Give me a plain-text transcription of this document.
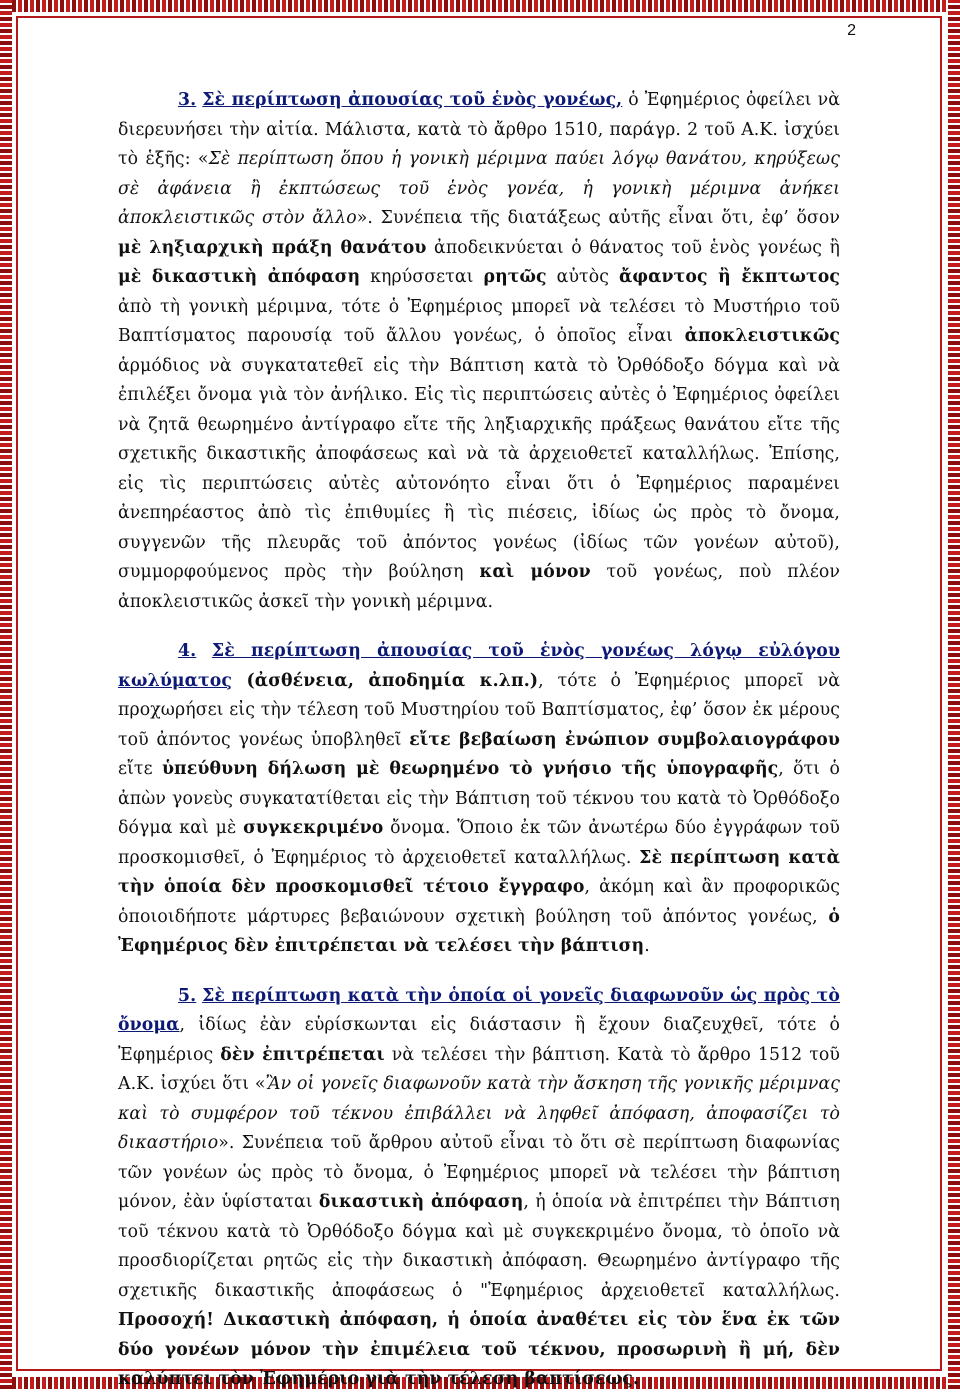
2

3. Σὲ περίπτωση ἀπουσίας τοῦ ἑνὸς γονέως, ὁ Ἐφημέριος ὀφείλει νὰ διερευνήσει τὴν αἰτία. Μάλιστα, κατὰ τὸ ἄρθρο 1510, παράγρ. 2 τοῦ Α.Κ. ἰσχύει τὸ ἑξῆς: «Σὲ περίπτωση ὅπου ἡ γονικὴ μέριμνα παύει λόγῳ θανάτου, κηρύξεως σὲ ἀφάνεια ἢ ἐκπτώσεως τοῦ ἑνὸς γονέα, ἡ γονικὴ μέριμνα ἀνήκει ἀποκλειστικῶς στὸν ἄλλο». Συνέπεια τῆς διατάξεως αὐτῆς εἶναι ὅτι, ἐφ’ ὅσον μὲ ληξιαρχικὴ πράξη θανάτου ἀποδεικνύεται ὁ θάνατος τοῦ ἑνὸς γονέως ἢ μὲ δικαστικὴ ἀπόφαση κηρύσσεται ρητῶς αὐτὸς ἄφαντος ἢ ἔκπτωτος ἀπὸ τὴ γονικὴ μέριμνα, τότε ὁ Ἐφημέριος μπορεῖ νὰ τελέσει τὸ Μυστήριο τοῦ Βαπτίσματος παρουσίᾳ τοῦ ἄλλου γονέως, ὁ ὁποῖος εἶναι ἀποκλειστικῶς ἁρμόδιος νὰ συγκατατεθεῖ εἰς τὴν Βάπτιση κατὰ τὸ Ὀρθόδοξο δόγμα καὶ νὰ ἐπιλέξει ὄνομα γιὰ τὸν ἀνήλικο. Εἰς τὶς περιπτώσεις αὐτὲς ὁ Ἐφημέριος ὀφείλει νὰ ζητᾶ θεωρημένο ἀντίγραφο εἴτε τῆς ληξιαρχικῆς πράξεως θανάτου εἴτε τῆς σχετικῆς δικαστικῆς ἀποφάσεως καὶ νὰ τὰ ἀρχειοθετεῖ καταλλήλως. Ἐπίσης, εἰς τὶς περιπτώσεις αὐτὲς αὐτονόητο εἶναι ὅτι ὁ Ἐφημέριος παραμένει ἀνεπηρέαστος ἀπὸ τὶς ἐπιθυμίες ἢ τὶς πιέσεις, ἰδίως ὡς πρὸς τὸ ὄνομα, συγγενῶν τῆς πλευρᾶς τοῦ ἀπόντος γονέως (ἰδίως τῶν γονέων αὐτοῦ), συμμορφούμενος πρὸς τὴν βούληση καὶ μόνον τοῦ γονέως, ποὺ πλέον ἀποκλειστικῶς ἀσκεῖ τὴν γονικὴ μέριμνα.

4. Σὲ περίπτωση ἀπουσίας τοῦ ἑνὸς γονέως λόγῳ εὐλόγου κωλύματος (ἀσθένεια, ἀποδημία κ.λπ.), τότε ὁ Ἐφημέριος μπορεῖ νὰ προχωρήσει εἰς τὴν τέλεση τοῦ Μυστηρίου τοῦ Βαπτίσματος, ἐφ’ ὅσον ἐκ μέρους τοῦ ἀπόντος γονέως ὑποβληθεῖ εἴτε βεβαίωση ἐνώπιον συμβολαιογράφου εἴτε ὑπεύθυνη δήλωση μὲ θεωρημένο τὸ γνήσιο τῆς ὑπογραφῆς, ὅτι ὁ ἀπὼν γονεὺς συγκατατίθεται εἰς τὴν Βάπτιση τοῦ τέκνου του κατὰ τὸ Ὀρθόδοξο δόγμα καὶ μὲ συγκεκριμένο ὄνομα. Ὅποιο ἐκ τῶν ἀνωτέρω δύο ἐγγράφων τοῦ προσκομισθεῖ, ὁ Ἐφημέριος τὸ ἀρχειοθετεῖ καταλλήλως. Σὲ περίπτωση κατὰ τὴν ὁποία δὲν προσκομισθεῖ τέτοιο ἔγγραφο, ἀκόμη καὶ ἂν προφορικῶς ὁποιοιδήποτε μάρτυρες βεβαιώνουν σχετικὴ βούληση τοῦ ἀπόντος γονέως, ὁ Ἐφημέριος δὲν ἐπιτρέπεται νὰ τελέσει τὴν βάπτιση.

5. Σὲ περίπτωση κατὰ τὴν ὁποία οἱ γονεῖς διαφωνοῦν ὡς πρὸς τὸ ὄνομα, ἰδίως ἐὰν εὑρίσκωνται εἰς διάστασιν ἢ ἔχουν διαζευχθεῖ, τότε ὁ Ἐφημέριος δὲν ἐπιτρέπεται νὰ τελέσει τὴν βάπτιση. Κατὰ τὸ ἄρθρο 1512 τοῦ Α.Κ. ἰσχύει ὅτι «Ἂν οἱ γονεῖς διαφωνοῦν κατὰ τὴν ἄσκηση τῆς γονικῆς μέριμνας καὶ τὸ συμφέρον τοῦ τέκνου ἐπιβάλλει νὰ ληφθεῖ ἀπόφαση, ἀποφασίζει τὸ δικαστήριο». Συνέπεια τοῦ ἄρθρου αὐτοῦ εἶναι τὸ ὅτι σὲ περίπτωση διαφωνίας τῶν γονέων ὡς πρὸς τὸ ὄνομα, ὁ Ἐφημέριος μπορεῖ νὰ τελέσει τὴν βάπτιση μόνον, ἐὰν ὑφίσταται δικαστικὴ ἀπόφαση, ἡ ὁποία νὰ ἐπιτρέπει τὴν Βάπτιση τοῦ τέκνου κατὰ τὸ Ὀρθόδοξο δόγμα καὶ μὲ συγκεκριμένο ὄνομα, τὸ ὁποῖο νὰ προσδιορίζεται ρητῶς εἰς τὴν δικαστικὴ ἀπόφαση. Θεωρημένο ἀντίγραφο τῆς σχετικῆς δικαστικῆς ἀποφάσεως ὁ "Ἐφημέριος ἀρχειοθετεῖ καταλλήλως. Προσοχή! Δικαστικὴ ἀπόφαση, ἡ ὁποία ἀναθέτει εἰς τὸν ἕνα ἐκ τῶν δύο γονέων μόνον τὴν ἐπιμέλεια τοῦ τέκνου, προσωρινὴ ἢ μή, δὲν καλύπτει τὸν Ἐφημέριο γιὰ τὴν τέλεση βαπτίσεως.
